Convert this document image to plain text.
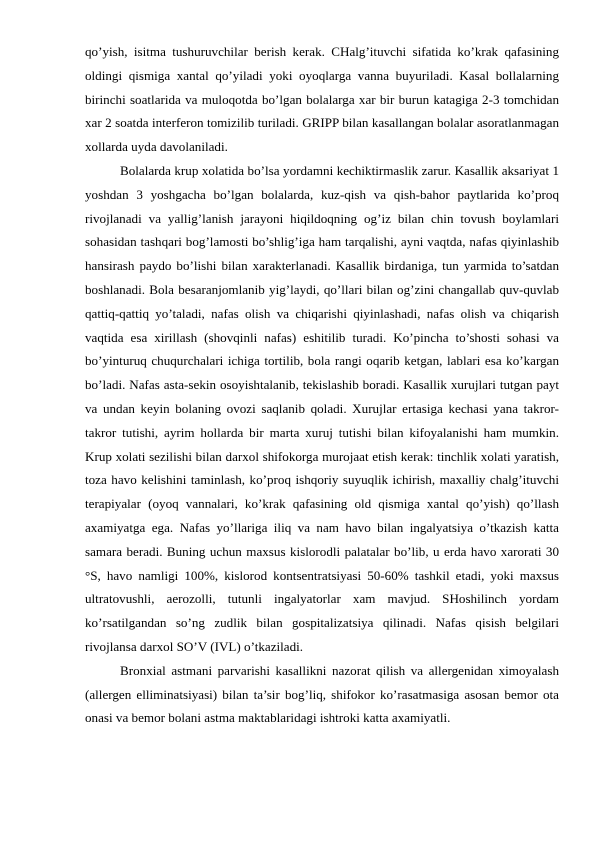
qo’yish, isitma tushuruvchilar berish kerak. CHalg’ituvchi sifatida ko’krak qafasining oldingi qismiga xantal qo’yiladi yoki oyoqlarga vanna buyuriladi. Kasal bollalarning birinchi soatlarida va muloqotda bo’lgan bolalarga xar bir burun katagiga 2-3 tomchidan xar 2 soatda interferon tomizilib turiladi. GRIPP bilan kasallangan bolalar asoratlanmagan xollarda uyda davolaniladi.

Bolalarda krup xolatida bo’lsa yordamni kechiktirmaslik zarur. Kasallik aksariyat 1 yoshdan 3 yoshgacha bo’lgan bolalarda, kuz-qish va qish-bahor paytlarida ko’proq rivojlanadi va yallig’lanish jarayoni hiqildoqning og’iz bilan chin tovush boylamlari sohasidan tashqari bog’lamosti bo’shlig’iga ham tarqalishi, ayni vaqtda, nafas qiyinlashib hansirash paydo bo’lishi bilan xarakterlanadi. Kasallik birdaniga, tun yarmida to’satdan boshlanadi. Bola besaranjomlanib yig’laydi, qo’llari bilan og’zini changallab quv-quvlab qattiq-qattiq yo’taladi, nafas olish va chiqarishi qiyinlashadi, nafas olish va chiqarish vaqtida esa xirillash (shovqinli nafas) eshitilib turadi. Ko’pincha to’shosti sohasi va bo’yinturuq chuqurchalari ichiga tortilib, bola rangi oqarib ketgan, lablari esa ko’kargan bo’ladi. Nafas asta-sekin osoyishtalanib, tekislashib boradi. Kasallik xurujlari tutgan payt va undan keyin bolaning ovozi saqlanib qoladi. Xurujlar ertasiga kechasi yana takror-takror tutishi, ayrim hollarda bir marta xuruj tutishi bilan kifoyalanishi ham mumkin. Krup xolati sezilishi bilan darxol shifokorga murojaat etish kerak: tinchlik xolati yaratish, toza havo kelishini taminlash, ko’proq ishqoriy suyuqlik ichirish, maxalliy chalg’ituvchi terapiyalar (oyoq vannalari, ko’krak qafasining old qismiga xantal qo’yish) qo’llash axamiyatga ega. Nafas yo’llariga iliq va nam havo bilan ingalyatsiya o’tkazish katta samara beradi. Buning uchun maxsus kislorodli palatalar bo’lib, u erda havo xarorati 30 °S, havo namligi 100%, kislorod kontsentratsiyasi 50-60% tashkil etadi, yoki maxsus ultratovushli, aerozolli, tutunli ingalyatorlar xam mavjud. SHoshilinch yordam ko’rsatilgandan so’ng zudlik bilan gospitalizatsiya qilinadi. Nafas qisish belgilari rivojlansa darxol SO’V (IVL) o’tkaziladi.

Bronxial astmani parvarishi kasallikni nazorat qilish va allergenidan ximoyalash (allergen elliminatsiyasi) bilan ta’sir bog’liq, shifokor ko’rasatmasiga asosan bemor ota onasi va bemor bolani astma maktablaridagi ishtroki katta axamiyatli.
